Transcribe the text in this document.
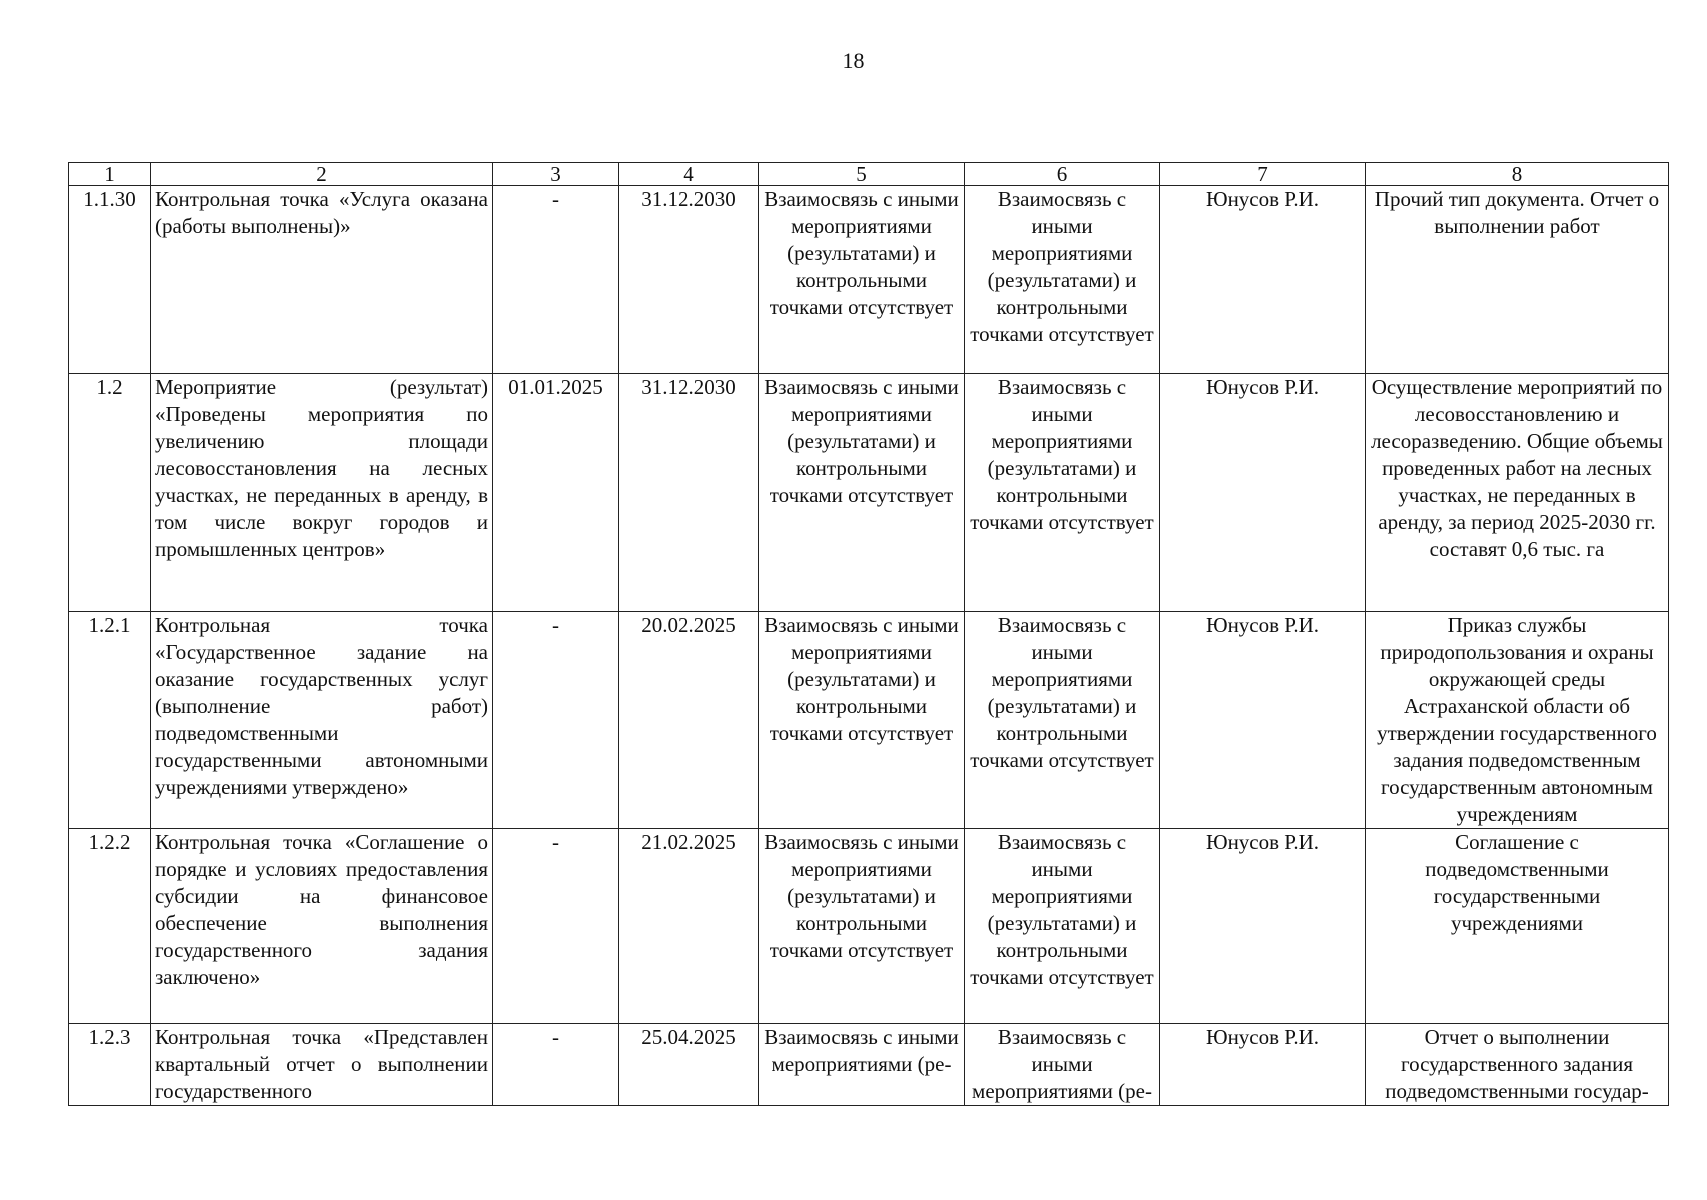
18
1	2	3	4	5	6	7	8
1.1.30	Контрольная точка «Услуга оказана (работы выполнены)»	-	31.12.2030	Взаимосвязь с иными мероприятиями (результатами) и контрольными точками отсутствует	Взаимосвязь с иными мероприятиями (результатами) и контрольными точками отсутствует	Юнусов Р.И.	Прочий тип документа. Отчет о выполнении работ
1.2	Мероприятие (результат) «Проведены мероприятия по увеличению площади лесовосстановления на лесных участках, не переданных в аренду, в том числе вокруг городов и промышленных центров»	01.01.2025	31.12.2030	Взаимосвязь с иными мероприятиями (результатами) и контрольными точками отсутствует	Взаимосвязь с иными мероприятиями (результатами) и контрольными точками отсутствует	Юнусов Р.И.	Осуществление мероприятий по лесовосстановлению и лесоразведению. Общие объемы проведенных работ на лесных участках, не переданных в аренду, за период 2025-2030 гг. составят 0,6 тыс. га
1.2.1	Контрольная точка «Государственное задание на оказание государственных услуг (выполнение работ) подведомственными государственными автономными учреждениями утверждено»	-	20.02.2025	Взаимосвязь с иными мероприятиями (результатами) и контрольными точками отсутствует	Взаимосвязь с иными мероприятиями (результатами) и контрольными точками отсутствует	Юнусов Р.И.	Приказ службы природопользования и охраны окружающей среды Астраханской области об утверждении государственного задания подведомственным государственным автономным учреждениям
1.2.2	Контрольная точка «Соглашение о порядке и условиях предоставления субсидии на финансовое обеспечение выполнения государственного задания заключено»	-	21.02.2025	Взаимосвязь с иными мероприятиями (результатами) и контрольными точками отсутствует	Взаимосвязь с иными мероприятиями (результатами) и контрольными точками отсутствует	Юнусов Р.И.	Соглашение с подведомственными государственными учреждениями
1.2.3	Контрольная точка «Представлен квартальный отчет о выполнении государственного	-	25.04.2025	Взаимосвязь с иными мероприятиями (ре-	Взаимосвязь с иными мероприятиями (ре-	Юнусов Р.И.	Отчет о выполнении государственного задания подведомственными государ-
